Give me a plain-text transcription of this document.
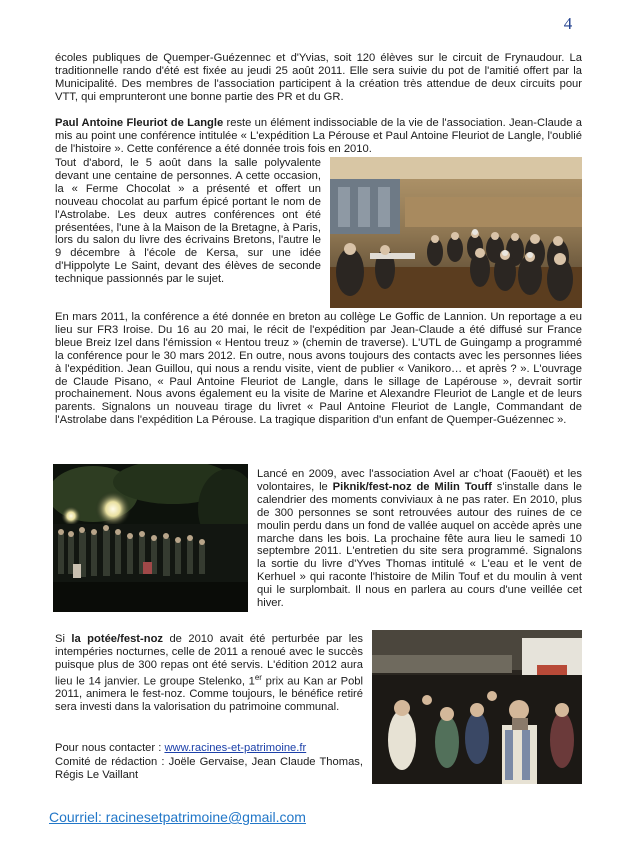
4

écoles publiques de Quemper-Guézennec et d'Yvias, soit 120 élèves sur le circuit de Frynaudour. La traditionnelle rando d'été est fixée au jeudi 25 août 2011. Elle sera suivie du pot de l'amitié offert par la Municipalité. Des membres de l'association participent à la création très attendue de deux circuits pour VTT, qui emprunteront une bonne partie des PR et du GR.

Paul Antoine Fleuriot de Langle reste un élément indissociable de la vie de l'association. Jean-Claude a mis au point une conférence intitulée « L'expédition La Pérouse et Paul Antoine Fleuriot de Langle, l'oublié de l'histoire ». Cette conférence a été donnée trois fois en 2010.

Tout d'abord, le 5 août dans la salle polyvalente devant une centaine de personnes. A cette occasion, la « Ferme Chocolat » a présenté et offert un nouveau chocolat au parfum épicé portant le nom de l'Astrolabe. Les deux autres conférences ont été présentées, l'une à la Maison de la Bretagne, à Paris, lors du salon du livre des écrivains Bretons, l'autre le 9 décembre à l'école de Kersa, sur une idée d'Hippolyte Le Saint, devant des élèves de seconde technique passionnés par le sujet.

En mars 2011, la conférence a été donnée en breton au collège Le Goffic de Lannion. Un reportage a eu lieu sur FR3 Iroise. Du 16 au 20 mai, le récit de l'expédition par Jean-Claude a été diffusé sur France bleue Breiz Izel dans l'émission « Hentou treuz » (chemin de traverse). L'UTL de Guingamp a programmé la conférence pour le 30 mars 2012. En outre, nous avons toujours des contacts avec les personnes liées à l'expédition. Jean Guillou, qui nous a rendu visite, vient de publier « Vanikoro… et après ? ». L'ouvrage de Claude Pisano, « Paul Antoine Fleuriot de Langle, dans le sillage de Lapérouse », devrait sortir prochainement. Nous avons également eu la visite de Marine et Alexandre Fleuriot de Langle et de leurs parents. Signalons un nouveau tirage du livret « Paul Antoine Fleuriot de Langle, Commandant de l'Astrolabe dans l'expédition La Pérouse. La tragique disparition d'un enfant de Quemper-Guézennec ».

Lancé en 2009, avec l'association Avel ar c'hoat (Faouët) et les volontaires, le Piknik/fest-noz de Milin Touff s'installe dans le calendrier des moments conviviaux à ne pas rater. En 2010, plus de 300 personnes se sont retrouvées autour des ruines de ce moulin perdu dans un fond de vallée auquel on accède après une marche dans les bois. La prochaine fête aura lieu le samedi 10 septembre 2011. L'entretien du site sera programmé. Signalons la sortie du livre d'Yves Thomas intitulé « L'eau et le vent de Kerhuel » qui raconte l'histoire de Milin Touf et du moulin à vent qui le surplombait. Il nous en parlera au cours d'une veillée cet hiver.

Si la potée/fest-noz de 2010 avait été perturbée par les intempéries nocturnes, celle de 2011 a renoué avec le succès puisque plus de 300 repas ont été servis. L'édition 2012 aura lieu le 14 janvier. Le groupe Stelenko, 1er prix au Kan ar Pobl 2011, animera le fest-noz. Comme toujours, le bénéfice retiré sera investi dans la valorisation du patrimoine communal.

Pour nous contacter : www.racines-et-patrimoine.fr

Comité de rédaction : Joële Gervaise, Jean Claude Thomas, Régis Le Vaillant

Courriel: racinesetpatrimoine@gmail.com
